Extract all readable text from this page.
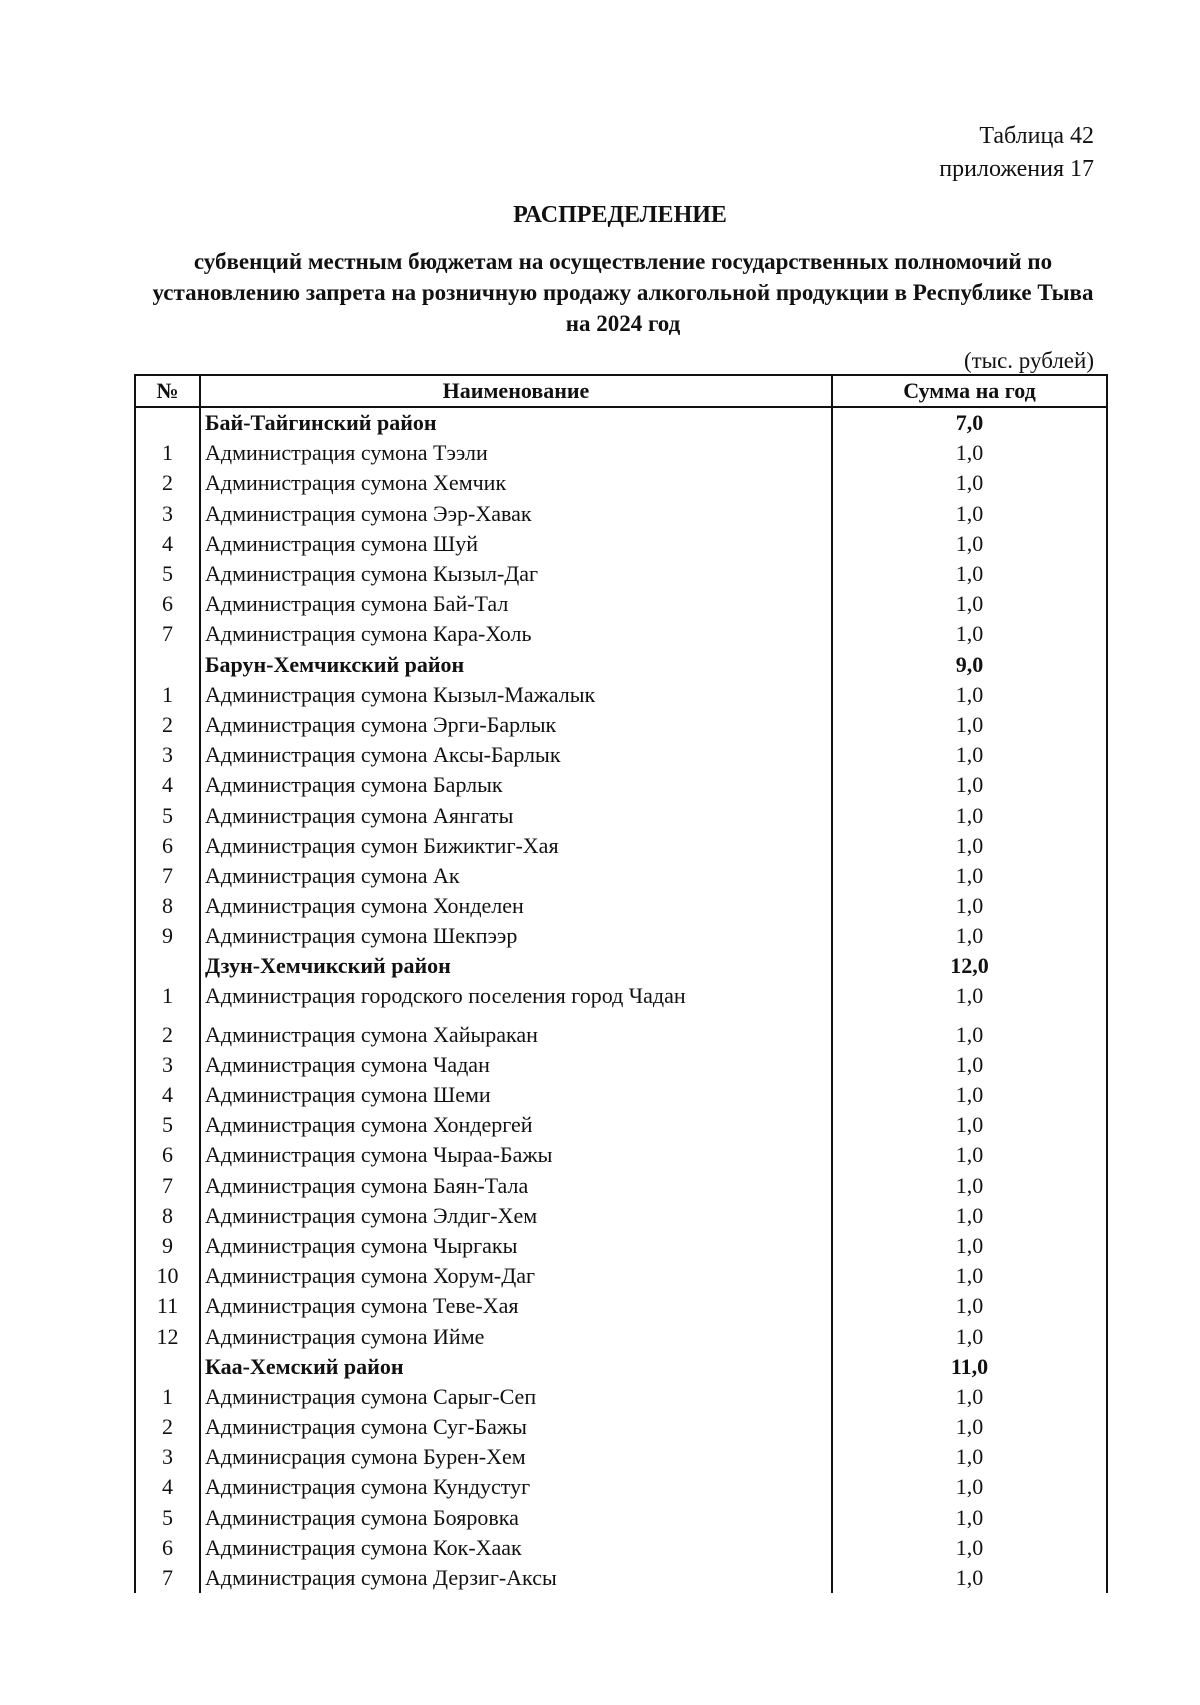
Таблица 42
приложения 17
РАСПРЕДЕЛЕНИЕ
субвенций местным бюджетам на осуществление государственных полномочий по установлению запрета на розничную продажу алкогольной продукции в Республике Тыва на 2024 год
(тыс. рублей)
№	Наименование	Сумма на год
	Бай-Тайгинский район	7,0
1	Администрация сумона Тээли	1,0
2	Администрация сумона Хемчик	1,0
3	Администрация сумона Ээр-Хавак	1,0
4	Администрация сумона Шуй	1,0
5	Администрация сумона Кызыл-Даг	1,0
6	Администрация сумона Бай-Тал	1,0
7	Администрация сумона Кара-Холь	1,0
	Барун-Хемчикский район	9,0
1	Администрация сумона Кызыл-Мажалык	1,0
2	Администрация сумона Эрги-Барлык	1,0
3	Администрация сумона Аксы-Барлык	1,0
4	Администрация сумона Барлык	1,0
5	Администрация сумона Аянгаты	1,0
6	Администрация сумон Бижиктиг-Хая	1,0
7	Администрация сумона Ак	1,0
8	Администрация сумона Хонделен	1,0
9	Администрация сумона Шекпээр	1,0
	Дзун-Хемчикский район	12,0
1	Администрация городского поселения город Чадан	1,0
2	Администрация сумона Хайыракан	1,0
3	Администрация сумона Чадан	1,0
4	Администрация сумона Шеми	1,0
5	Администрация сумона Хондергей	1,0
6	Администрация сумона Чыраа-Бажы	1,0
7	Администрация сумона Баян-Тала	1,0
8	Администрация сумона Элдиг-Хем	1,0
9	Администрация сумона Чыргакы	1,0
10	Администрация сумона Хорум-Даг	1,0
11	Администрация сумона Теве-Хая	1,0
12	Администрация сумона Ийме	1,0
	Каа-Хемский район	11,0
1	Администрация сумона Сарыг-Сеп	1,0
2	Администрация сумона Суг-Бажы	1,0
3	Админисрация сумона Бурен-Хем	1,0
4	Администрация сумона Кундустуг	1,0
5	Администрация сумона Бояровка	1,0
6	Администрация сумона Кок-Хаак	1,0
7	Администрация сумона Дерзиг-Аксы	1,0
